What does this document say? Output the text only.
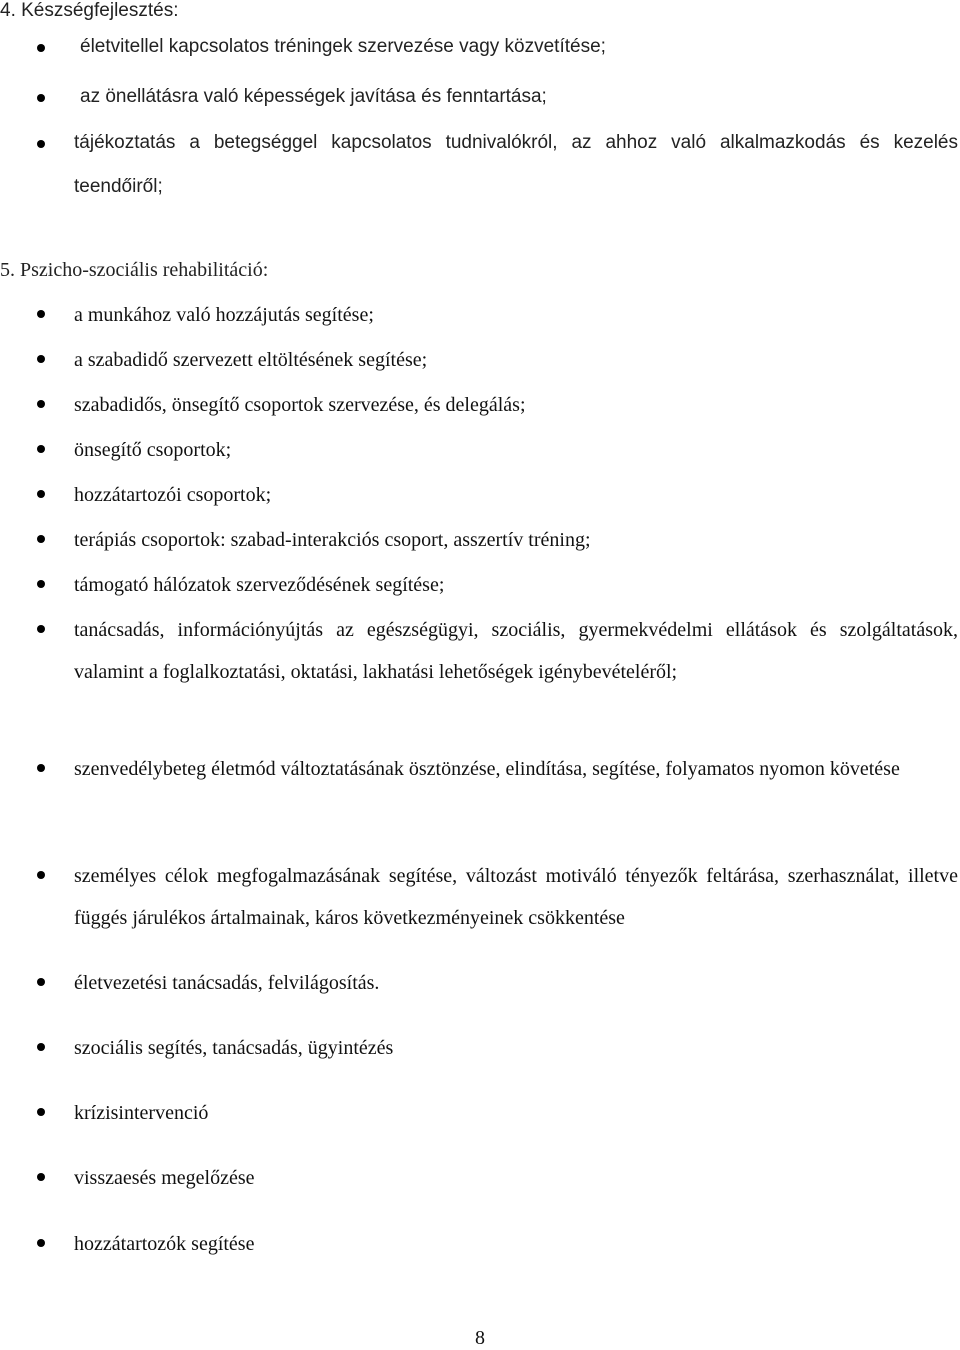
4. Készségfejlesztés:
életvitellel kapcsolatos tréningek szervezése vagy közvetítése;
az önellátásra való képességek javítása és fenntartása;
tájékoztatás a betegséggel kapcsolatos tudnivalókról, az ahhoz való alkalmazkodás és kezelés teendőiről;
5. Pszicho-szociális rehabilitáció:
a munkához való hozzájutás segítése;
a szabadidő szervezett eltöltésének segítése;
szabadidős, önsegítő csoportok szervezése, és delegálás;
önsegítő csoportok;
hozzátartozói csoportok;
terápiás csoportok: szabad-interakciós csoport, asszertív tréning;
támogató hálózatok szerveződésének segítése;
tanácsadás, információnyújtás az egészségügyi, szociális, gyermekvédelmi ellátások és szolgáltatások, valamint a foglalkoztatási, oktatási, lakhatási lehetőségek igénybevételéről;
szenvedélybeteg életmód változtatásának ösztönzése, elindítása, segítése, folyamatos nyomon követése
személyes célok megfogalmazásának segítése, változást motiváló tényezők feltárása, szerhasználat, illetve függés járulékos ártalmainak, káros következményeinek csökkentése
életvezetési tanácsadás, felvilágosítás.
szociális segítés, tanácsadás, ügyintézés
krízisintervenció
visszaesés megelőzése
hozzátartozók segítése
8
